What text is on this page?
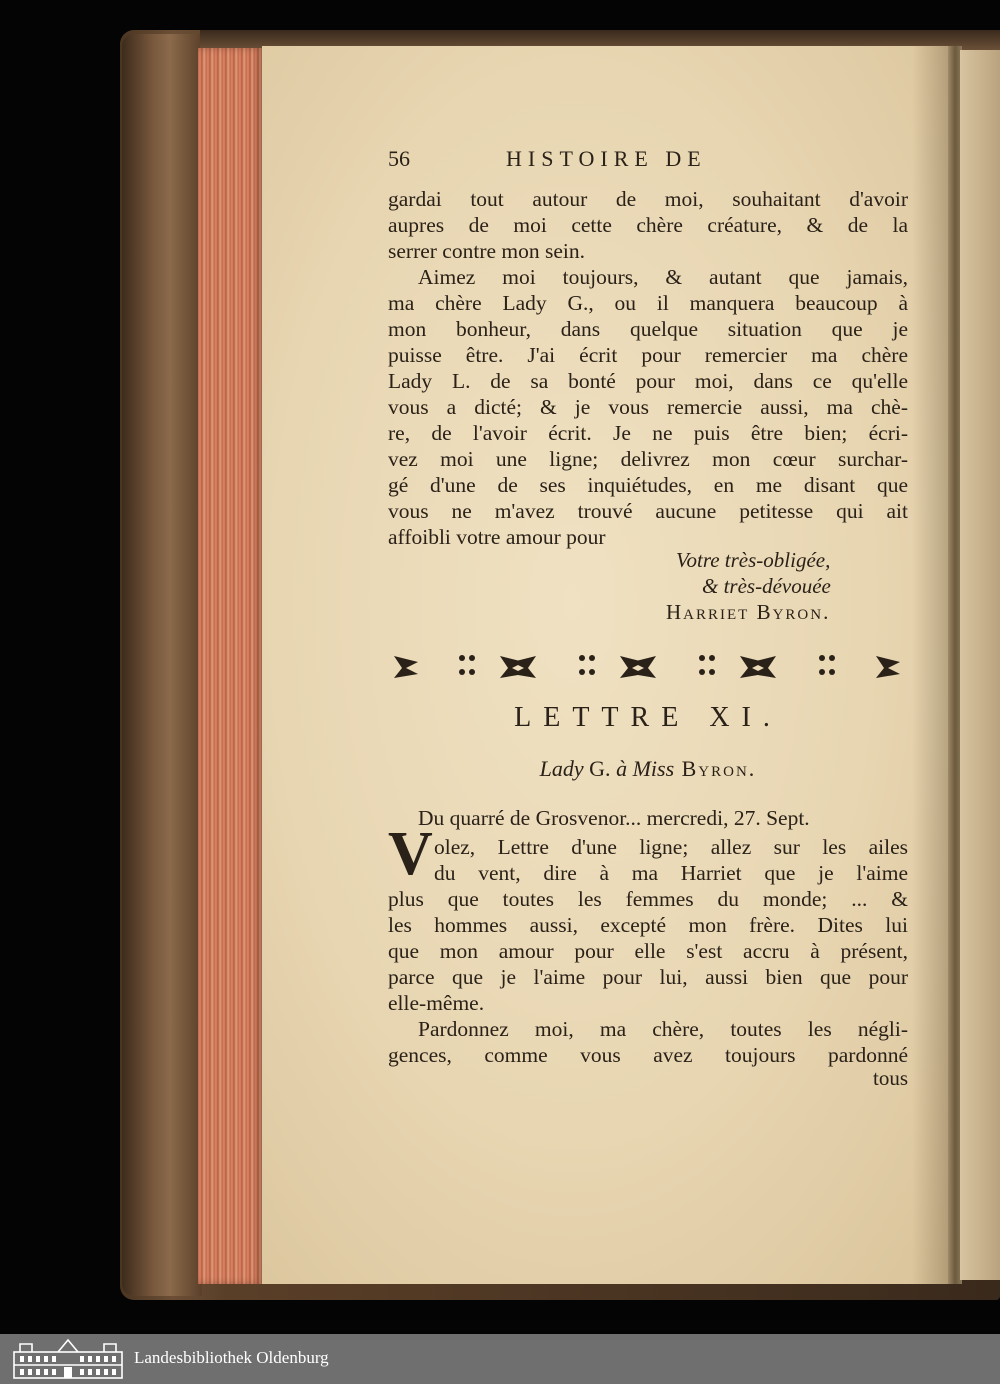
56	HISTOIRE DE
gardai tout autour de moi, souhaitant d'avoir
aupres de moi cette chère créature, & de la
serrer contre mon sein.
Aimez moi toujours, & autant que jamais,
ma chère Lady G., ou il manquera beaucoup à
mon bonheur, dans quelque situation que je
puisse être. J'ai écrit pour remercier ma chère
Lady L. de sa bonté pour moi, dans ce qu'elle
vous a dicté; & je vous remercie aussi, ma chè-
re, de l'avoir écrit. Je ne puis être bien; écri-
vez moi une ligne; delivrez mon cœur surchar-
gé d'une de ses inquiétudes, en me disant que
vous ne m'avez trouvé aucune petitesse qui ait
affoibli votre amour pour
Votre très-obligée,
& très-dévouée
Harriet Byron.
LETTRE XI.
Lady G. à Miss Byron.
Du quarré de Grosvenor... mercredi, 27. Sept.
V olez, Lettre d'une ligne; allez sur les ailes
du vent, dire à ma Harriet que je l'aime
plus que toutes les femmes du monde; ... &
les hommes aussi, excepté mon frère. Dites lui
que mon amour pour elle s'est accru à présent,
parce que je l'aime pour lui, aussi bien que pour
elle-même.
Pardonnez moi, ma chère, toutes les négli-
gences, comme vous avez toujours pardonné
tous
Landesbibliothek Oldenburg
